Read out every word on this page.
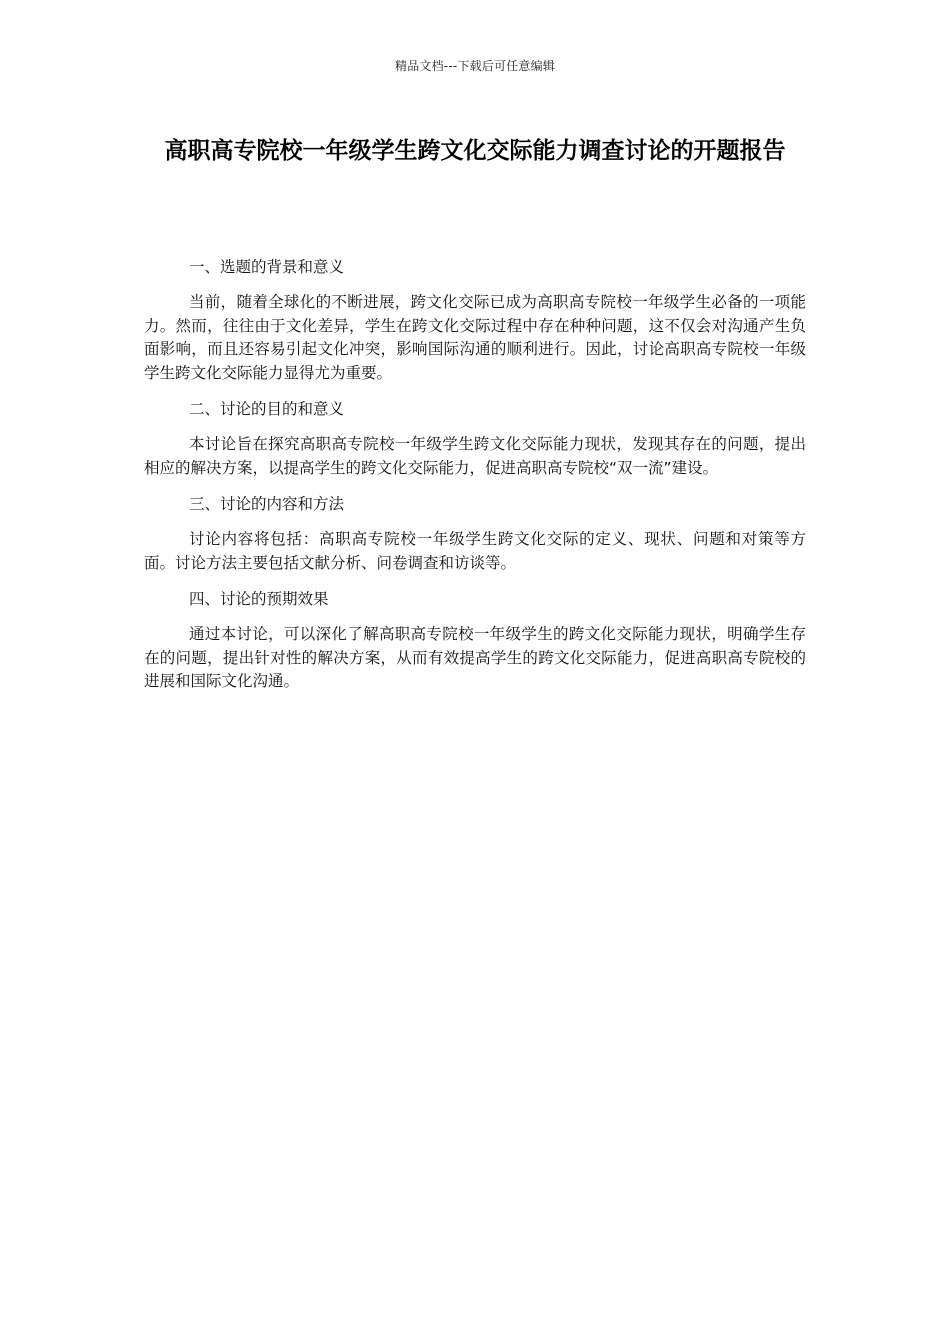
精品文档---下载后可任意编辑
高职高专院校一年级学生跨文化交际能力调查讨论的开题报告

一、选题的背景和意义

当前，随着全球化的不断进展，跨文化交际已成为高职高专院校一年级学生必备的一项能力。然而，往往由于文化差异，学生在跨文化交际过程中存在种种问题，这不仅会对沟通产生负面影响，而且还容易引起文化冲突，影响国际沟通的顺利进行。因此，讨论高职高专院校一年级学生跨文化交际能力显得尤为重要。

二、讨论的目的和意义

本讨论旨在探究高职高专院校一年级学生跨文化交际能力现状，发现其存在的问题，提出相应的解决方案，以提高学生的跨文化交际能力，促进高职高专院校“双一流”建设。

三、讨论的内容和方法

讨论内容将包括：高职高专院校一年级学生跨文化交际的定义、现状、问题和对策等方面。讨论方法主要包括文献分析、问卷调查和访谈等。

四、讨论的预期效果

通过本讨论，可以深化了解高职高专院校一年级学生的跨文化交际能力现状，明确学生存在的问题，提出针对性的解决方案，从而有效提高学生的跨文化交际能力，促进高职高专院校的进展和国际文化沟通。
